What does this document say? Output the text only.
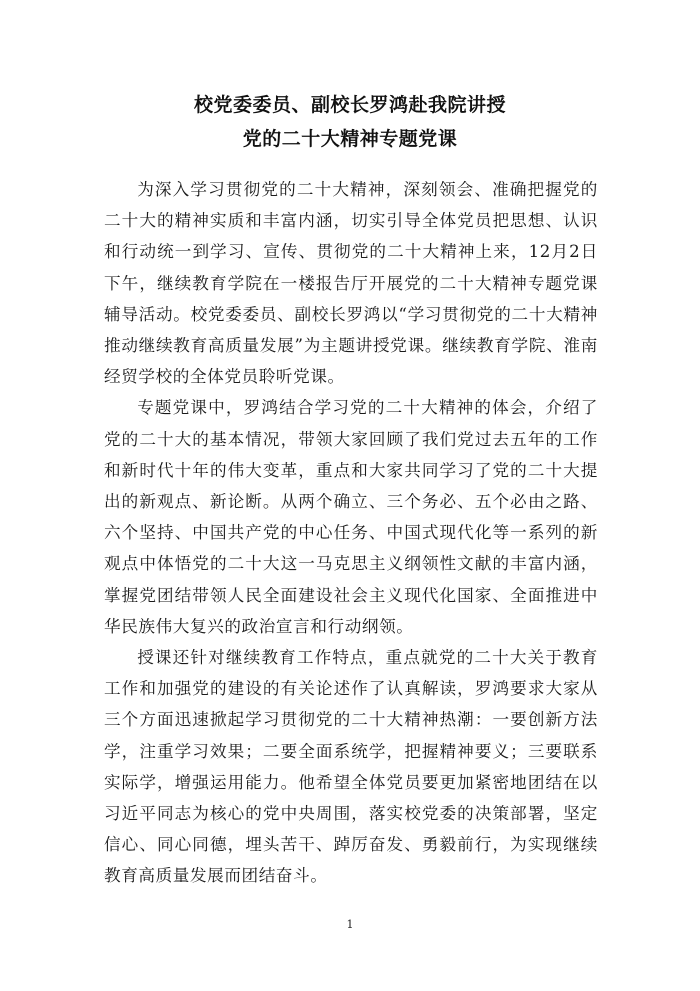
校党委委员、副校长罗鸿赴我院讲授
党的二十大精神专题党课

为深入学习贯彻党的二十大精神，深刻领会、准确把握党的二十大的精神实质和丰富内涵，切实引导全体党员把思想、认识和行动统一到学习、宣传、贯彻党的二十大精神上来，12月2日下午，继续教育学院在一楼报告厅开展党的二十大精神专题党课辅导活动。校党委委员、副校长罗鸿以“学习贯彻党的二十大精神 推动继续教育高质量发展”为主题讲授党课。继续教育学院、淮南经贸学校的全体党员聆听党课。

专题党课中，罗鸿结合学习党的二十大精神的体会，介绍了党的二十大的基本情况，带领大家回顾了我们党过去五年的工作和新时代十年的伟大变革，重点和大家共同学习了党的二十大提出的新观点、新论断。从两个确立、三个务必、五个必由之路、六个坚持、中国共产党的中心任务、中国式现代化等一系列的新观点中体悟党的二十大这一马克思主义纲领性文献的丰富内涵，掌握党团结带领人民全面建设社会主义现代化国家、全面推进中华民族伟大复兴的政治宣言和行动纲领。

授课还针对继续教育工作特点，重点就党的二十大关于教育工作和加强党的建设的有关论述作了认真解读，罗鸿要求大家从三个方面迅速掀起学习贯彻党的二十大精神热潮：一要创新方法学，注重学习效果；二要全面系统学，把握精神要义；三要联系实际学，增强运用能力。他希望全体党员要更加紧密地团结在以习近平同志为核心的党中央周围，落实校党委的决策部署，坚定信心、同心同德，埋头苦干、踔厉奋发、勇毅前行，为实现继续教育高质量发展而团结奋斗。

1
